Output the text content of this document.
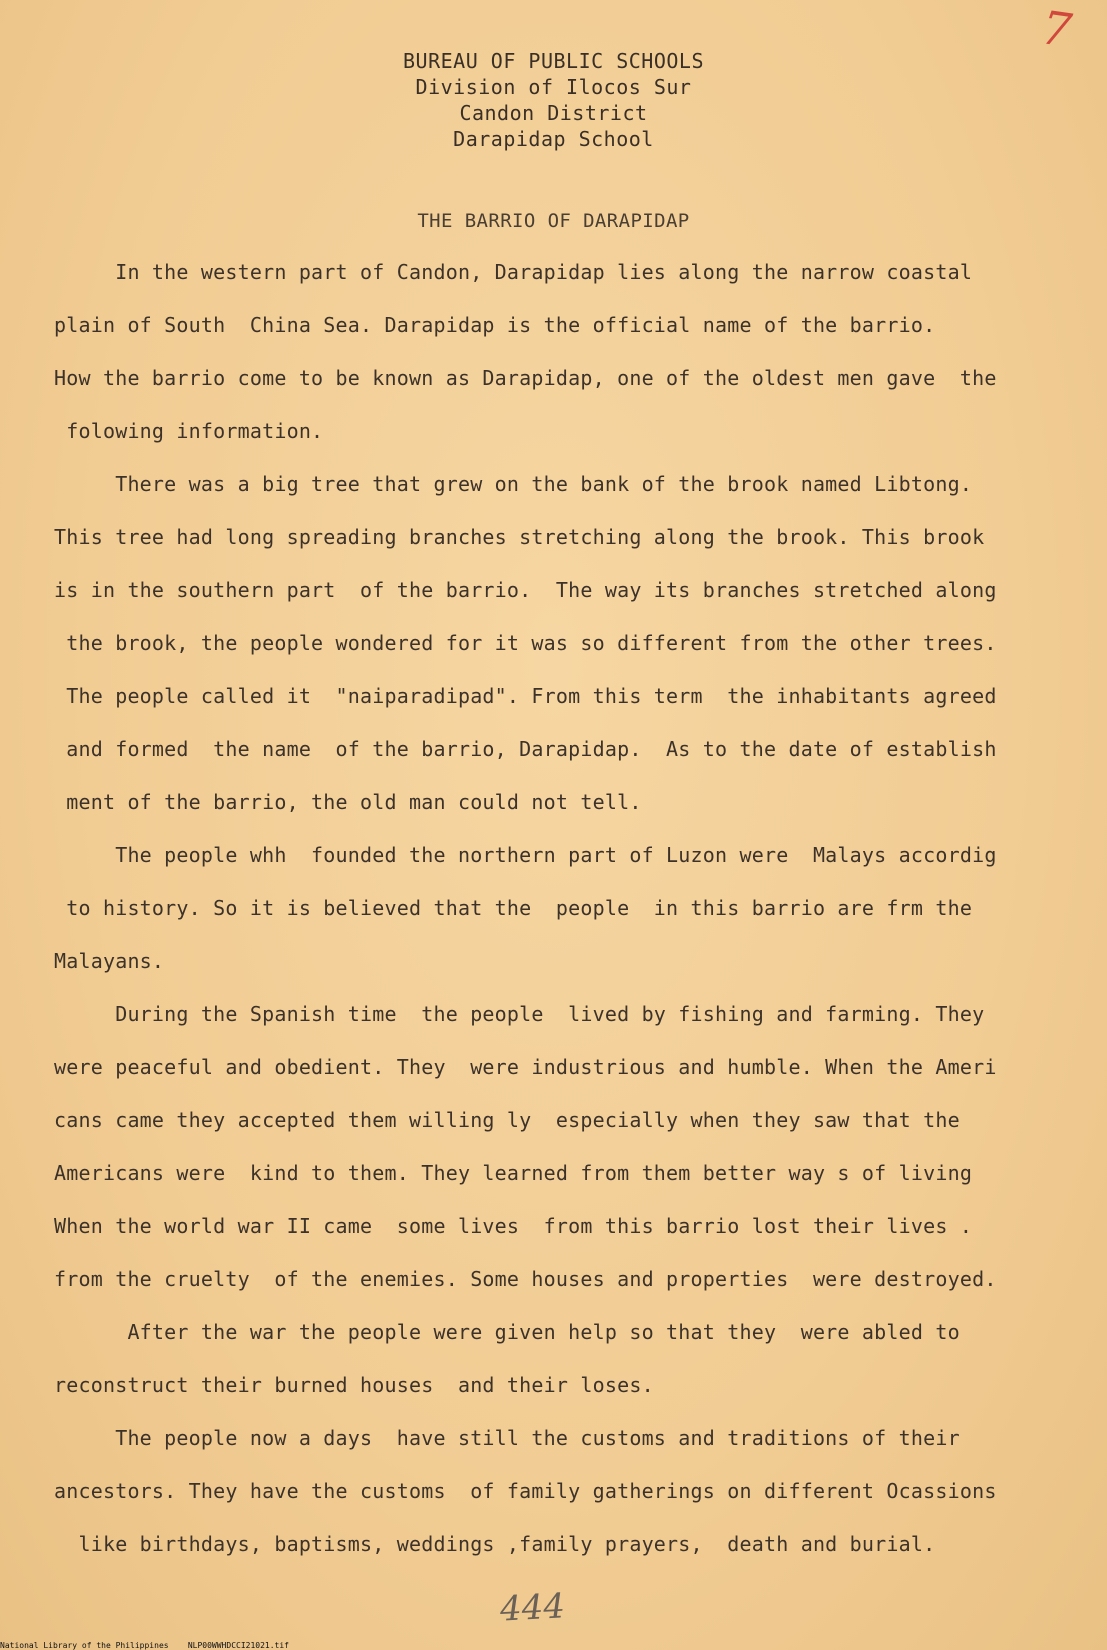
7
BUREAU OF PUBLIC SCHOOLS
Division of Ilocos Sur
Candon District
Darapidap School
THE BARRIO OF DARAPIDAP
In the western part of Candon, Darapidap lies along the narrow coastal
plain of South  China Sea. Darapidap is the official name of the barrio.
How the barrio come to be known as Darapidap, one of the oldest men gave  the
folowing information.
There was a big tree that grew on the bank of the brook named Libtong.
This tree had long spreading branches stretching along the brook. This brook
is in the southern part  of the barrio.  The way its branches stretched along
the brook, the people wondered for it was so different from the other trees.
The people called it  "naiparadipad". From this term  the inhabitants agreed
and formed  the name  of the barrio, Darapidap.  As to the date of establish
ment of the barrio, the old man could not tell.
The people whh  founded the northern part of Luzon were  Malays accordig
to history. So it is believed that the  people  in this barrio are frm the
Malayans.
During the Spanish time  the people  lived by fishing and farming. They
were peaceful and obedient. They  were industrious and humble. When the Ameri
cans came they accepted them willing ly  especially when they saw that the
Americans were  kind to them. They learned from them better way s of living
When the world war II came  some lives  from this barrio lost their lives .
from the cruelty  of the enemies. Some houses and properties  were destroyed.
After the war the people were given help so that they  were abled to
reconstruct their burned houses  and their loses.
The people now a days  have still the customs and traditions of their
ancestors. They have the customs  of family gatherings on different Ocassions
like birthdays, baptisms, weddings ,family prayers,  death and burial.
444
National Library of the Philippines    NLP00WWHDCCI21021.tif
